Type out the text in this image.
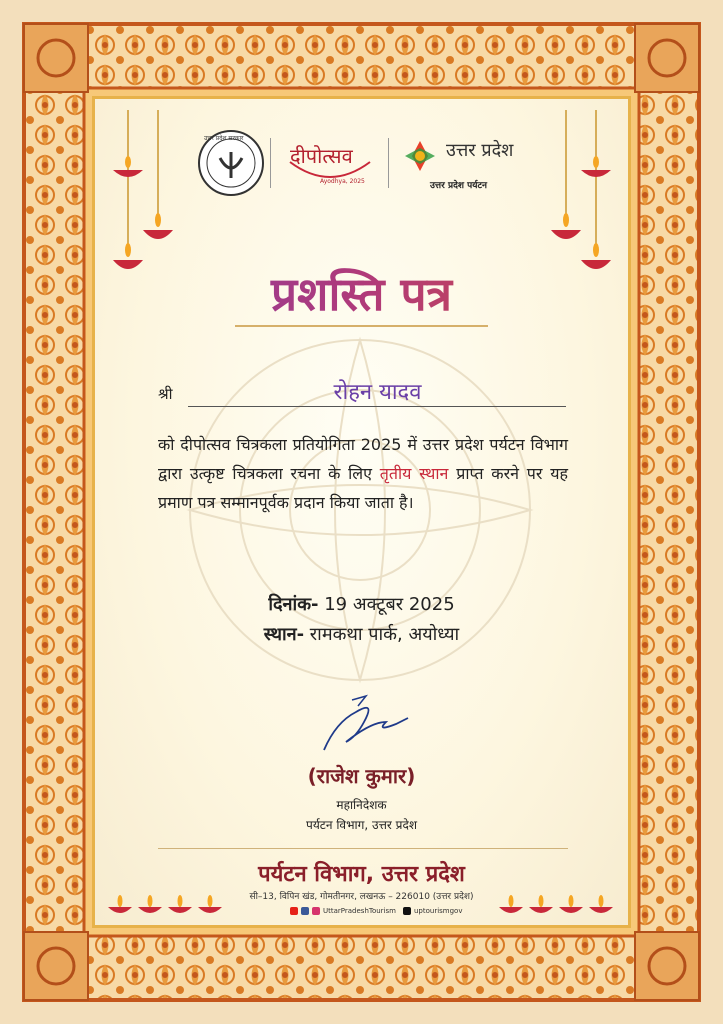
दीपोत्सव
Ayodhya, 2025
उत्तर प्रदेश
उत्तर प्रदेश पर्यटन
उत्तर प्रदेश सरकार
प्रशस्ति पत्र
श्री	रोहन यादव
को दीपोत्सव चित्रकला प्रतियोगिता 2025 में उत्तर प्रदेश पर्यटन विभाग द्वारा उत्कृष्ट चित्रकला रचना के लिए तृतीय स्थान प्राप्त करने पर यह प्रमाण पत्र सम्मानपूर्वक प्रदान किया जाता है।
दिनांक- 19 अक्टूबर 2025
स्थान- रामकथा पार्क, अयोध्या
(राजेश कुमार)
महानिदेशक
पर्यटन विभाग, उत्तर प्रदेश
पर्यटन विभाग, उत्तर प्रदेश
सी–13, विपिन खंड, गोमतीनगर, लखनऊ – 226010 (उत्तर प्रदेश)
UttarPradeshTourism	uptourismgov
